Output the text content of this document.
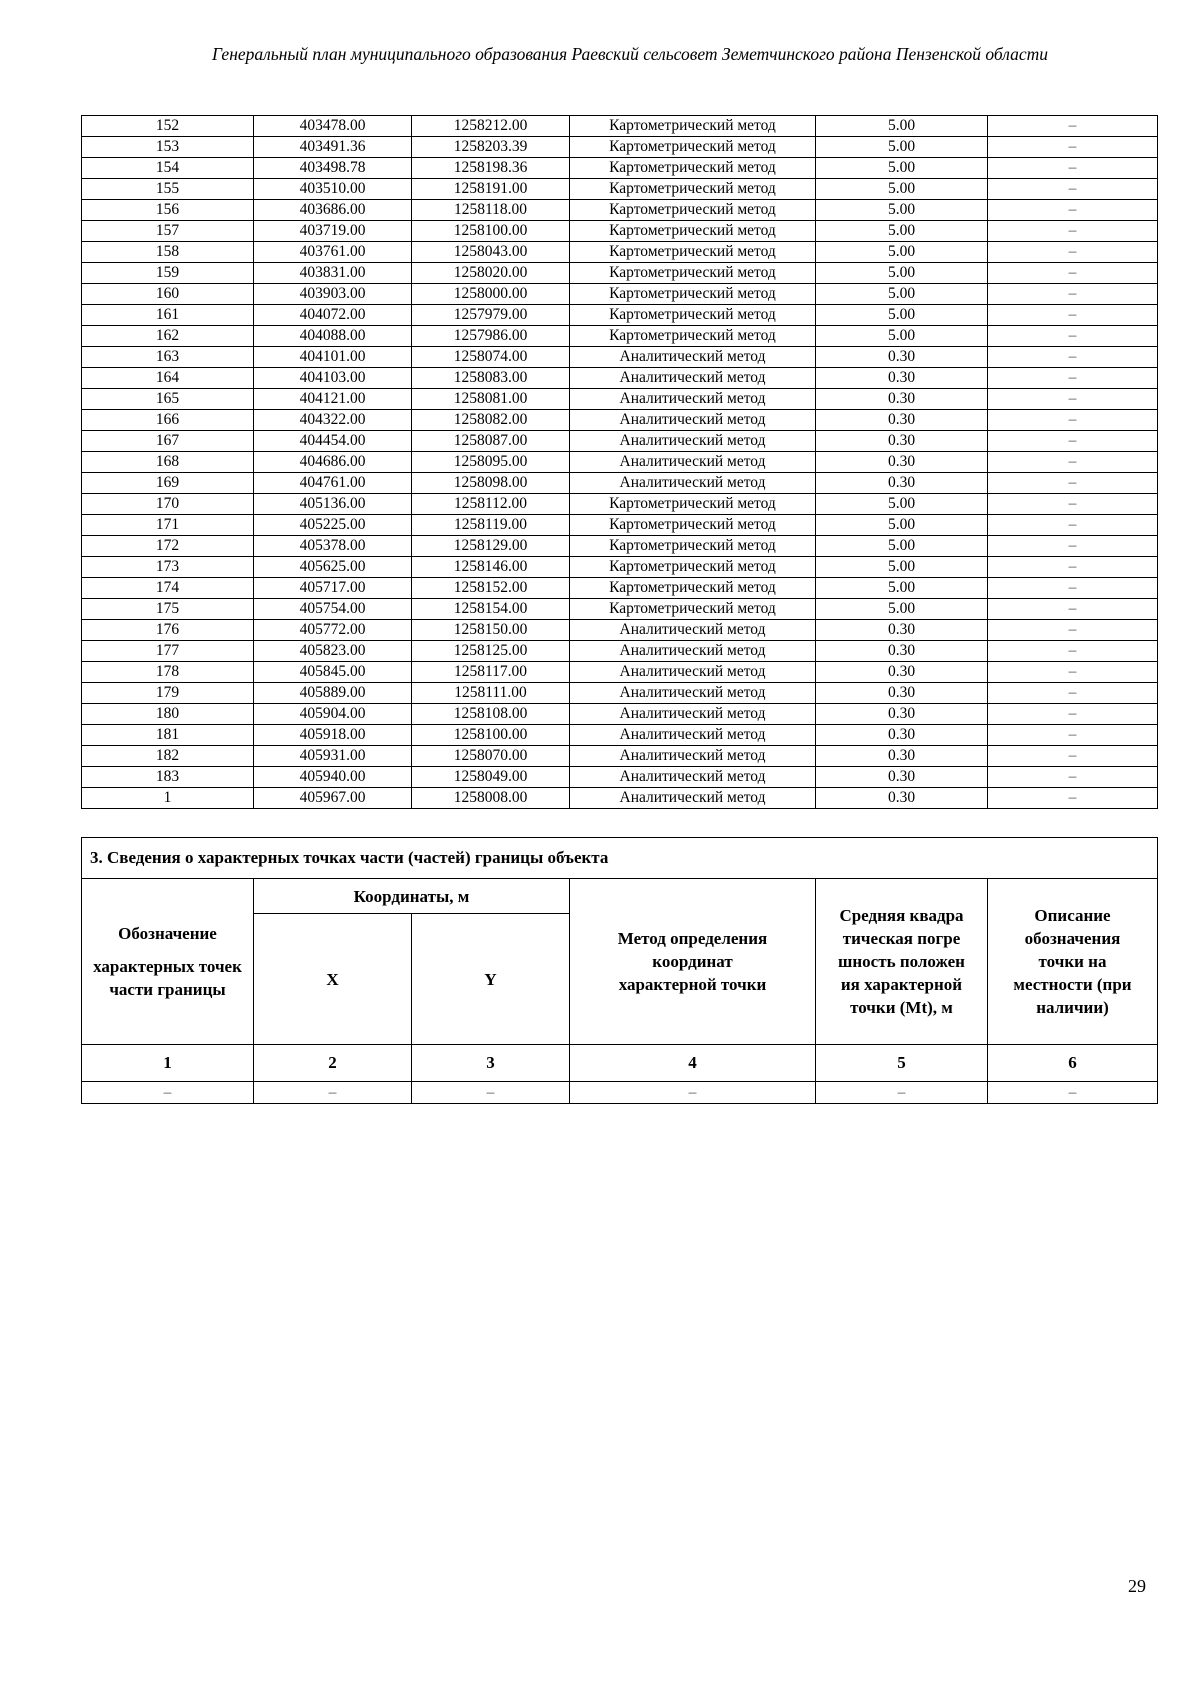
Генеральный план муниципального образования Раевский сельсовет Земетчинского района Пензенской области
152	403478.00	1258212.00	Картометрический метод	5.00	–
153	403491.36	1258203.39	Картометрический метод	5.00	–
154	403498.78	1258198.36	Картометрический метод	5.00	–
155	403510.00	1258191.00	Картометрический метод	5.00	–
156	403686.00	1258118.00	Картометрический метод	5.00	–
157	403719.00	1258100.00	Картометрический метод	5.00	–
158	403761.00	1258043.00	Картометрический метод	5.00	–
159	403831.00	1258020.00	Картометрический метод	5.00	–
160	403903.00	1258000.00	Картометрический метод	5.00	–
161	404072.00	1257979.00	Картометрический метод	5.00	–
162	404088.00	1257986.00	Картометрический метод	5.00	–
163	404101.00	1258074.00	Аналитический метод	0.30	–
164	404103.00	1258083.00	Аналитический метод	0.30	–
165	404121.00	1258081.00	Аналитический метод	0.30	–
166	404322.00	1258082.00	Аналитический метод	0.30	–
167	404454.00	1258087.00	Аналитический метод	0.30	–
168	404686.00	1258095.00	Аналитический метод	0.30	–
169	404761.00	1258098.00	Аналитический метод	0.30	–
170	405136.00	1258112.00	Картометрический метод	5.00	–
171	405225.00	1258119.00	Картометрический метод	5.00	–
172	405378.00	1258129.00	Картометрический метод	5.00	–
173	405625.00	1258146.00	Картометрический метод	5.00	–
174	405717.00	1258152.00	Картометрический метод	5.00	–
175	405754.00	1258154.00	Картометрический метод	5.00	–
176	405772.00	1258150.00	Аналитический метод	0.30	–
177	405823.00	1258125.00	Аналитический метод	0.30	–
178	405845.00	1258117.00	Аналитический метод	0.30	–
179	405889.00	1258111.00	Аналитический метод	0.30	–
180	405904.00	1258108.00	Аналитический метод	0.30	–
181	405918.00	1258100.00	Аналитический метод	0.30	–
182	405931.00	1258070.00	Аналитический метод	0.30	–
183	405940.00	1258049.00	Аналитический метод	0.30	–
1	405967.00	1258008.00	Аналитический метод	0.30	–
3. Сведения о характерных точках части (частей) границы объекта					

Обозначение
характерных точек части границы	Координаты, м		Метод определения координат характерной точки	Средняя квадратическая погрешность положения характерной точки (Мt), м	Описание обозначения точки на местности (при наличии)
	X	Y			
1	2	3	4	5	6
–	–	–	–	–	–
29
